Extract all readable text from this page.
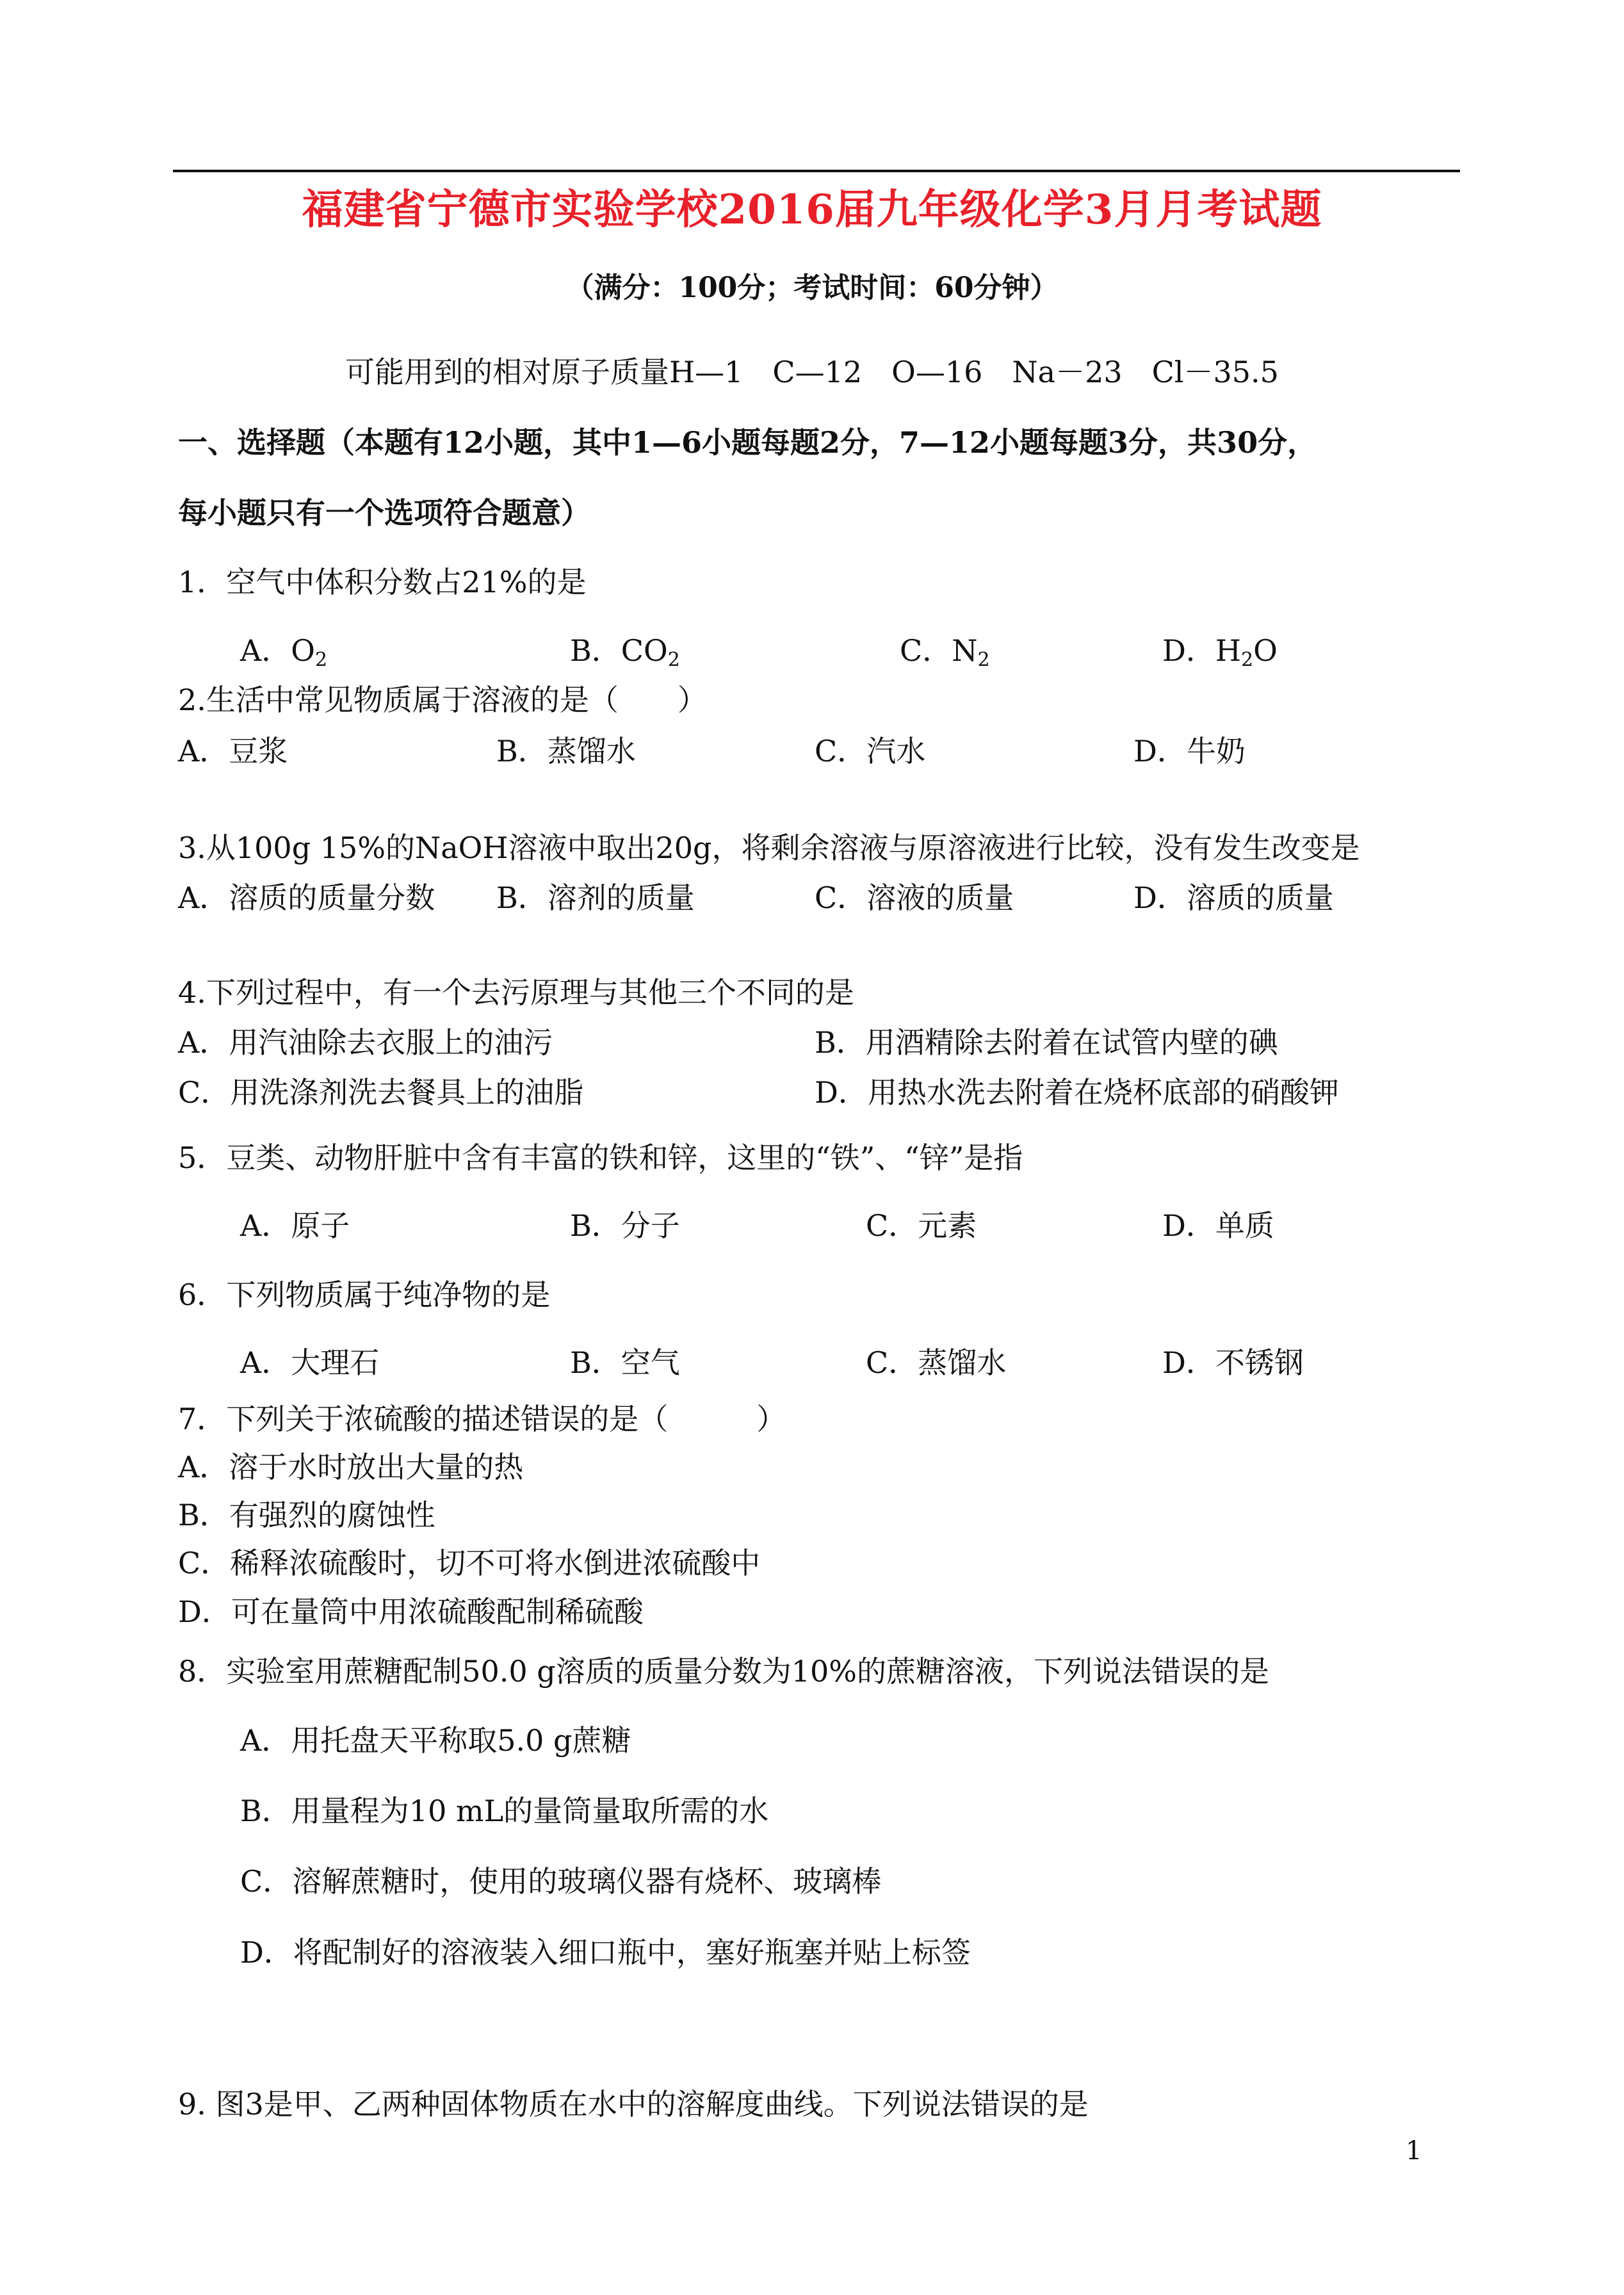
福建省宁德市实验学校2016届九年级化学3月月考试题
（满分：100分；考试时间：60分钟）
可能用到的相对原子质量H—1　C—12　O—16　Na－23　Cl－35.5
一、选择题（本题有12小题，其中1—6小题每题2分，7—12小题每题3分，共30分，
每小题只有一个选项符合题意）
1．空气中体积分数占21%的是
A．$O_2$	B．$CO_2$	C．$N_2$	D．$H_2O$
2.生活中常见物质属于溶液的是（　　）
A．豆浆	B．蒸馏水	C．汽水	D．牛奶
3.从100g 15%的NaOH溶液中取出20g，将剩余溶液与原溶液进行比较，没有发生改变是
A．溶质的质量分数 B．溶剂的质量	C．溶液的质量	D．溶质的质量
4.下列过程中，有一个去污原理与其他三个不同的是
A．用汽油除去衣服上的油污	B．用酒精除去附着在试管内壁的碘
C．用洗涤剂洗去餐具上的油脂	D．用热水洗去附着在烧杯底部的硝酸钾
5．豆类、动物肝脏中含有丰富的铁和锌，这里的“铁”、“锌”是指
A．原子	B．分子	C．元素	D．单质
6．下列物质属于纯净物的是
A．大理石	B．空气	C．蒸馏水	D．不锈钢
7．下列关于浓硫酸的描述错误的是（　　　）
A．溶于水时放出大量的热
B．有强烈的腐蚀性
C．稀释浓硫酸时，切不可将水倒进浓硫酸中
D．可在量筒中用浓硫酸配制稀硫酸
8．实验室用蔗糖配制50.0 g溶质的质量分数为10%的蔗糖溶液，下列说法错误的是
A．用托盘天平称取5.0 g蔗糖
B．用量程为10 mL的量筒量取所需的水
C．溶解蔗糖时，使用的玻璃仪器有烧杯、玻璃棒
D．将配制好的溶液装入细口瓶中，塞好瓶塞并贴上标签
9. 图3是甲、乙两种固体物质在水中的溶解度曲线。下列说法错误的是
1
